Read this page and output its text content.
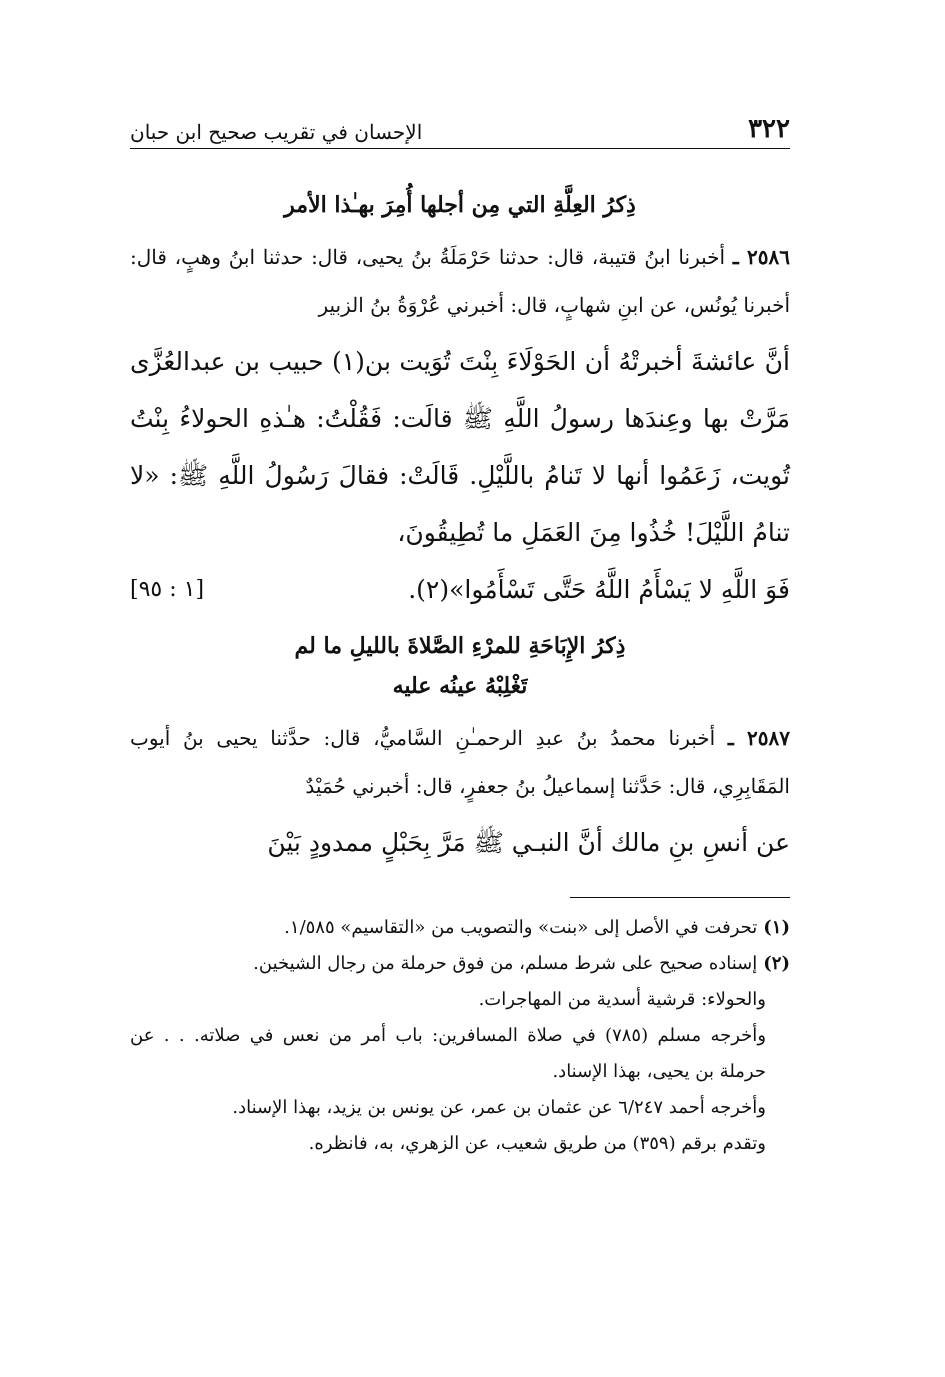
٣٢٢
الإحسان في تقريب صحيح ابن حبان

ذِكرُ العِلَّةِ التي مِن أجلها أُمِرَ بهـٰذا الأمر

٢٥٨٦ ـ أخبرنا ابنُ قتيبة، قال: حدثنا حَرْمَلَةُ بنُ يحيى، قال: حدثنا ابنُ وهبٍ، قال: أخبرنا يُونُس، عن ابنِ شهابٍ، قال: أخبرني عُرْوَةُ بنُ الزبير

أنَّ عائشةَ أخبرتْهُ أن الحَوْلَاءَ بِنْتَ تُوَيت بن(١) حبيب بن عبدالعُزَّى مَرَّتْ بها وعِندَها رسولُ اللَّهِ ﷺ قالَت: فَقُلْتُ: هـٰذهِ الحولاءُ بِنْتُ تُويت، زَعَمُوا أنها لا تَنامُ باللَّيْلِ. قَالَتْ: فقالَ رَسُولُ اللَّهِ ﷺ: «لا تنامُ اللَّيْلَ! خُذُوا مِنَ العَمَلِ ما تُطِيقُونَ،

فَوَ اللَّهِ لا يَسْأَمُ اللَّهُ حَتَّى تَسْأَمُوا»(٢).
[١ : ٩٥]

ذِكرُ الإِبَاحَةِ للمرْءِ الصَّلاةَ بالليلِ ما لم

تَغْلِبْهُ عينُه عليه

٢٥٨٧ ـ أخبرنا محمدُ بنُ عبدِ الرحمـٰنِ السَّاميُّ، قال: حدَّثنا يحيى بنُ أيوب المَقَابِرِي، قال: حَدَّثنا إسماعيلُ بنُ جعفرٍ، قال: أخبرني حُمَيْدٌ

عن أنسِ بنِ مالك أنَّ النبـي ﷺ مَرَّ بِحَبْلٍ ممدودٍ بَيْنَ

(١)تحرفت في الأصل إلى «بنت» والتصويب من «التقاسيم» ١/٥٨٥.

(٢)إسناده صحيح على شرط مسلم، من فوق حرملة من رجال الشيخين.

والحولاء: قرشية أسدية من المهاجرات.

وأخرجه مسلم (٧٨٥) في صلاة المسافرين: باب أمر من نعس في صلاته. . . عن حرملة بن يحيى، بهذا الإسناد.

وأخرجه أحمد ٦/٢٤٧ عن عثمان بن عمر، عن يونس بن يزيد، بهذا الإسناد.

وتقدم برقم (٣٥٩) من طريق شعيب، عن الزهري، به، فانظره.
